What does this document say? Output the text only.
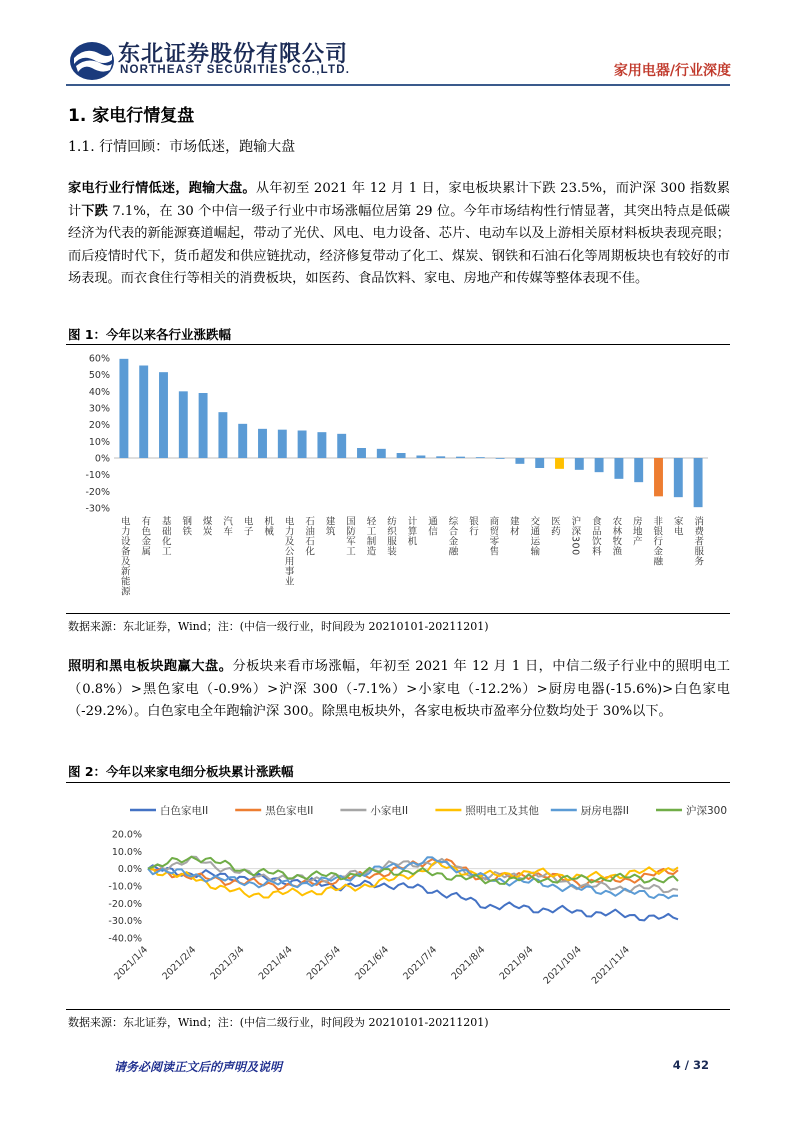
东北证券股份有限公司
NORTHEAST SECURITIES CO.,LTD.	家用电器/行业深度
1. 家电行情复盘
1.1. 行情回顾：市场低迷，跑输大盘
家电行业行情低迷，跑输大盘。从年初至 2021 年 12 月 1 日，家电板块累计下跌 23.5%，而沪深 300 指数累计下跌 7.1%，在 30 个中信一级子行业中市场涨幅位居第 29 位。今年市场结构性行情显著，其突出特点是低碳经济为代表的新能源赛道崛起，带动了光伏、风电、电力设备、芯片、电动车以及上游相关原材料板块表现亮眼；而后疫情时代下，货币超发和供应链扰动，经济修复带动了化工、煤炭、钢铁和石油石化等周期板块也有较好的市场表现。而衣食住行等相关的消费板块，如医药、食品饮料、家电、房地产和传媒等整体表现不佳。
图 1：今年以来各行业涨跌幅
60%
50%
40%
30%
20%
10%
0%
-10%
-20%
-30%
电力设备及新能源 有色金属 基础化工 钢铁 煤炭 汽车 电子 机械 电力及公用事业 石油石化 建筑 国防军工 轻工制造 纺织服装 计算机 通信 综合金融 银行 商贸零售 建材 交通运输 医药 沪深300 食品饮料 农林牧渔 房地产 非银行金融 家电 消费者服务
数据来源：东北证券，Wind；注：(中信一级行业，时间段为 20210101-20211201)
照明和黑电板块跑赢大盘。分板块来看市场涨幅，年初至 2021 年 12 月 1 日，中信二级子行业中的照明电工（0.8%）>黑色家电（-0.9%）>沪深 300（-7.1%）>小家电（-12.2%）>厨房电器(-15.6%)>白色家电（-29.2%）。白色家电全年跑输沪深 300。除黑电板块外，各家电板块市盈率分位数均处于 30%以下。
图 2：今年以来家电细分板块累计涨跌幅
白色家电II	黑色家电II	小家电II	照明电工及其他	厨房电器II	沪深300
20.0%
10.0%
0.0%
-10.0%
-20.0%
-30.0%
-40.0%
2021/1/4 2021/2/4 2021/3/4 2021/4/4 2021/5/4 2021/6/4 2021/7/4 2021/8/4 2021/9/4 2021/10/4 2021/11/4
数据来源：东北证券，Wind；注：(中信二级行业，时间段为 20210101-20211201)
请务必阅读正文后的声明及说明	4 / 32
